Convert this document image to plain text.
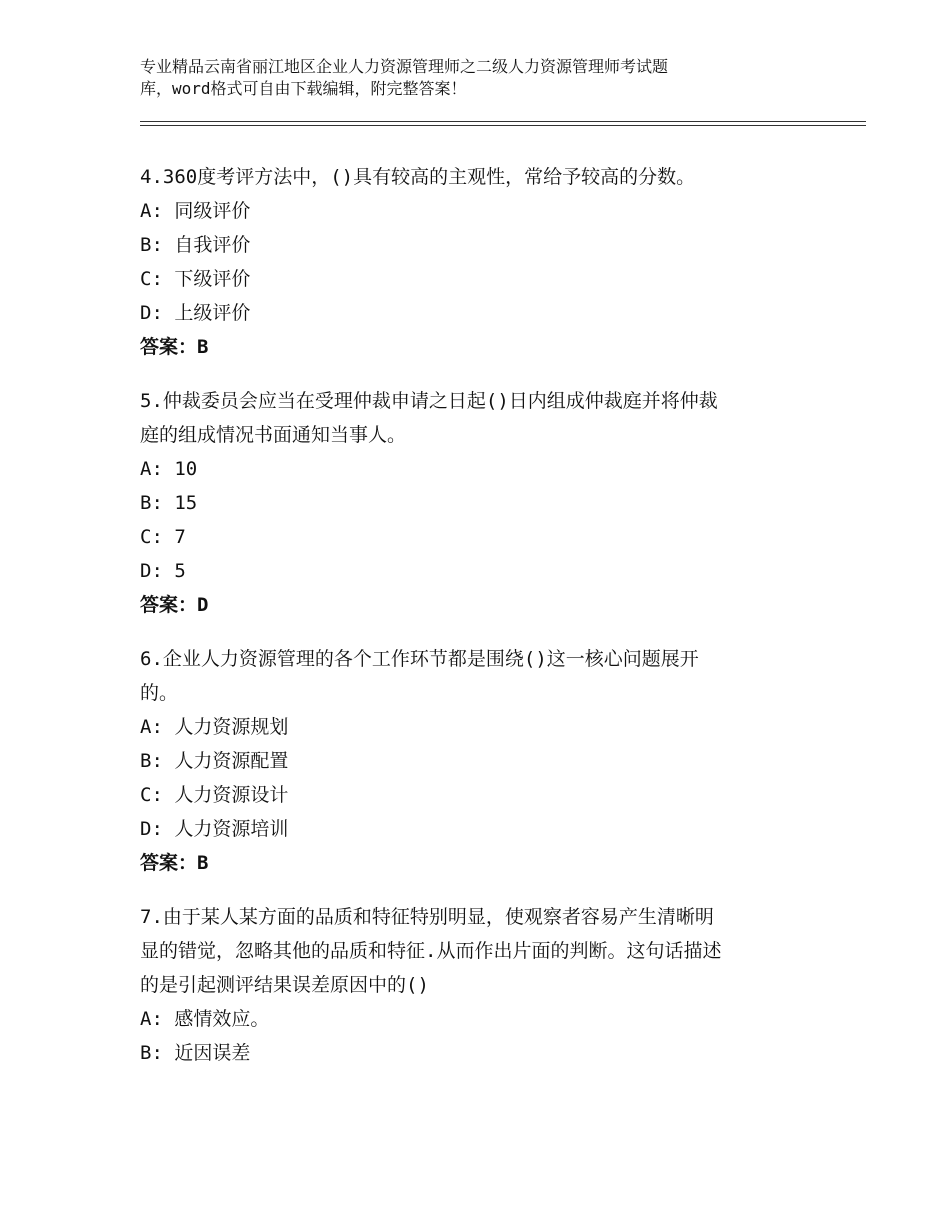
专业精品云南省丽江地区企业人力资源管理师之二级人力资源管理师考试题
库，word格式可自由下载编辑，附完整答案！
4.360度考评方法中，()具有较高的主观性，常给予较高的分数。
A: 同级评价
B: 自我评价
C: 下级评价
D: 上级评价
答案：B
5.仲裁委员会应当在受理仲裁申请之日起()日内组成仲裁庭并将仲裁
庭的组成情况书面通知当事人。
A: 10
B: 15
C: 7
D: 5
答案：D
6.企业人力资源管理的各个工作环节都是围绕()这一核心问题展开
的。
A: 人力资源规划
B: 人力资源配置
C: 人力资源设计
D: 人力资源培训
答案：B
7.由于某人某方面的品质和特征特别明显，使观察者容易产生清晰明
显的错觉，忽略其他的品质和特征.从而作出片面的判断。这句话描述
的是引起测评结果误差原因中的()
A: 感情效应。
B: 近因误差
